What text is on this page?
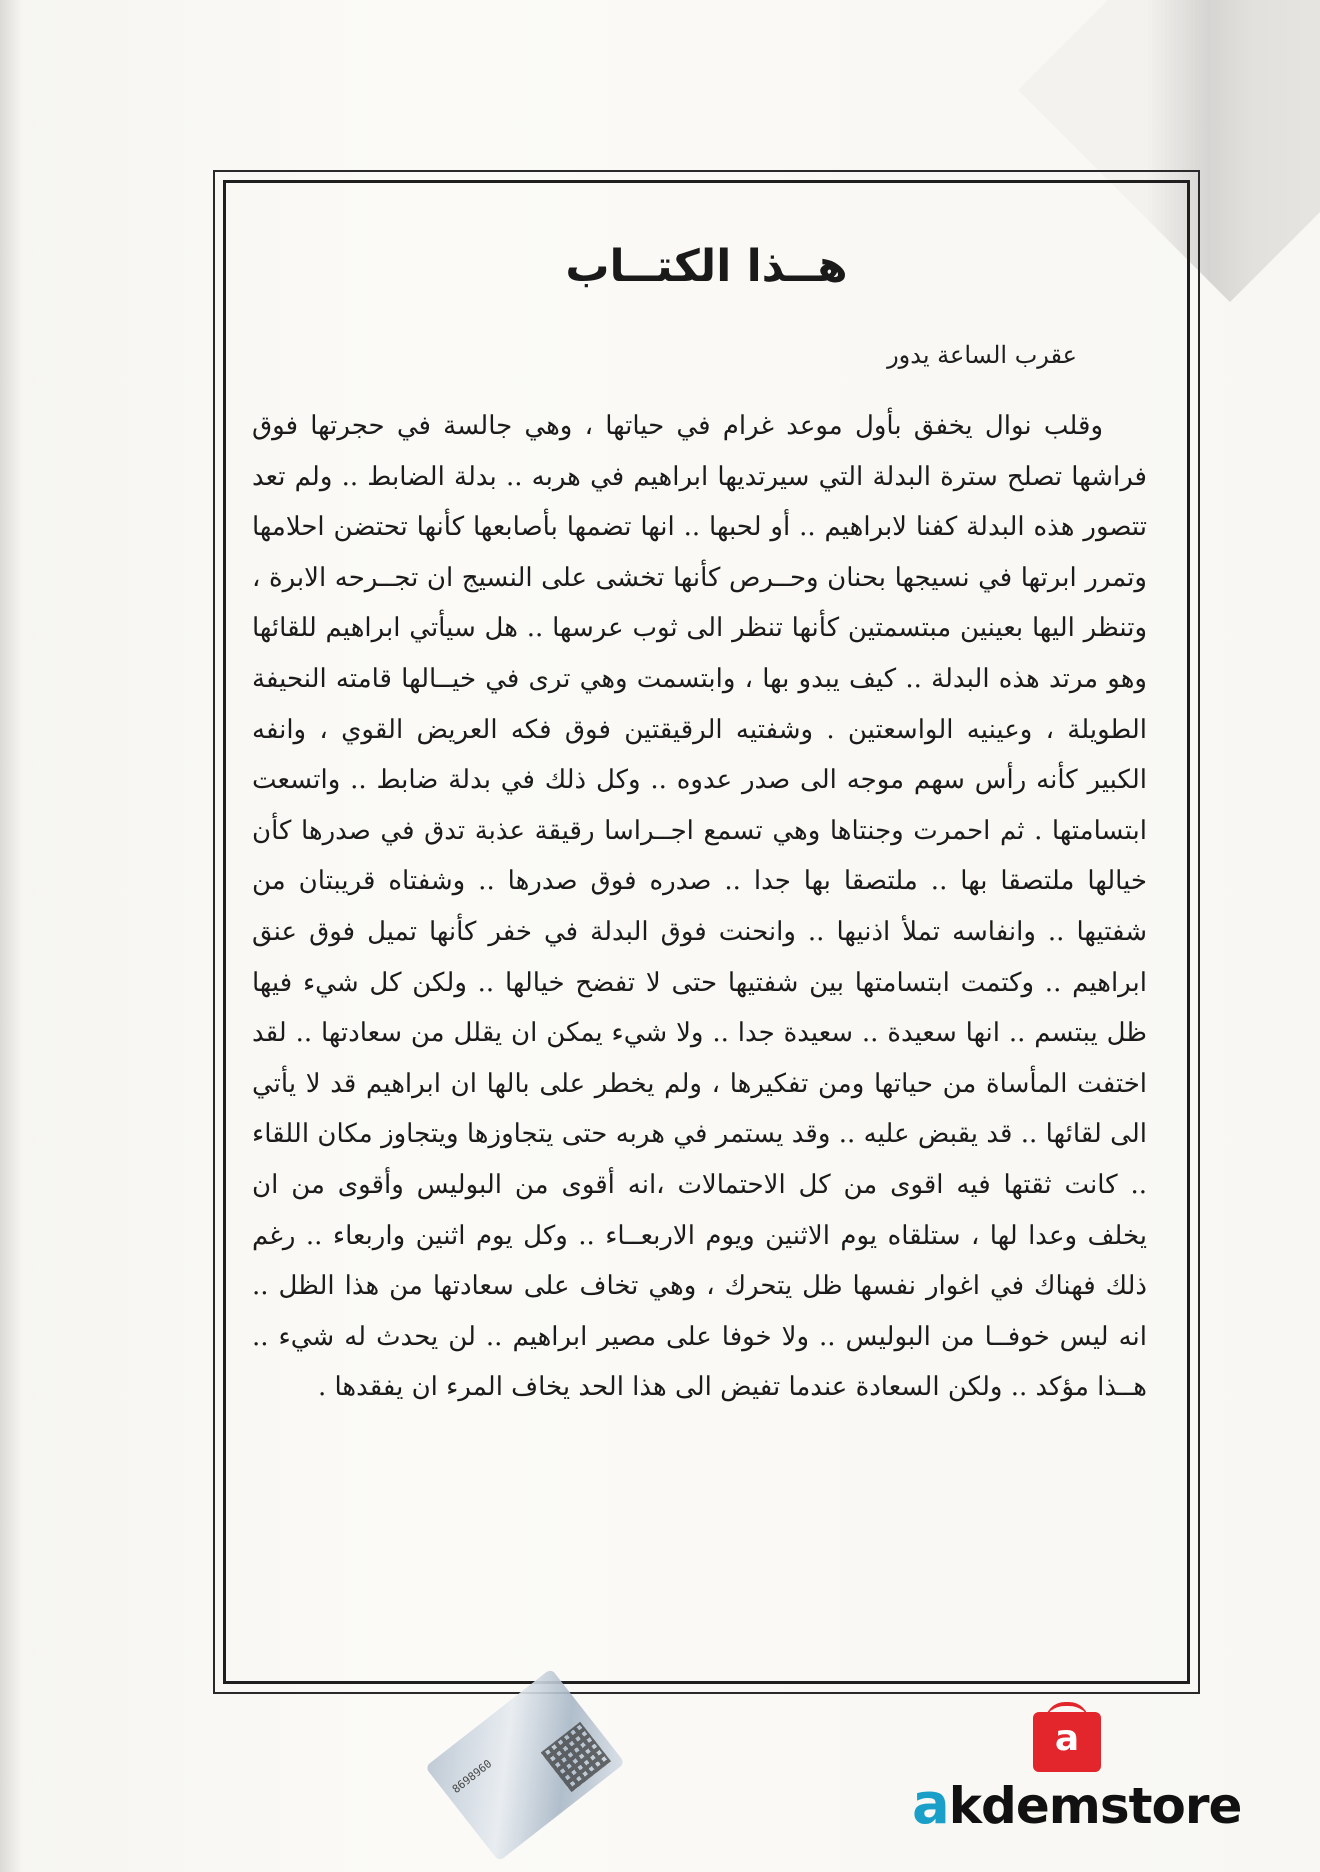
هــذا الكتــاب
عقرب الساعة يدور
وقلب نوال يخفق بأول موعد غرام في حياتها ، وهي جالسة في حجرتها فوق فراشها تصلح سترة البدلة التي سيرتديها ابراهيم في هربه .. بدلة الضابط .. ولم تعد تتصور هذه البدلة كفنا لابراهيم .. أو لحبها .. انها تضمها بأصابعها كأنها تحتضن احلامها وتمرر ابرتها في نسيجها بحنان وحــرص كأنها تخشى على النسيج ان تجــرحه الابرة ، وتنظر اليها بعينين مبتسمتين كأنها تنظر الى ثوب عرسها .. هل سيأتي ابراهيم للقائها وهو مرتد هذه البدلة .. كيف يبدو بها ، وابتسمت وهي ترى في خيــالها قامته النحيفة الطويلة ، وعينيه الواسعتين . وشفتيه الرقيقتين فوق فكه العريض القوي ، وانفه الكبير كأنه رأس سهم موجه الى صدر عدوه .. وكل ذلك في بدلة ضابط .. واتسعت ابتسامتها . ثم احمرت وجنتاها وهي تسمع اجــراسا رقيقة عذبة تدق في صدرها كأن خيالها ملتصقا بها .. ملتصقا بها جدا .. صدره فوق صدرها .. وشفتاه قريبتان من شفتيها .. وانفاسه تملأ اذنيها .. وانحنت فوق البدلة في خفر كأنها تميل فوق عنق ابراهيم .. وكتمت ابتسامتها بين شفتيها حتى لا تفضح خيالها .. ولكن كل شيء فيها ظل يبتسم .. انها سعيدة .. سعيدة جدا .. ولا شيء يمكن ان يقلل من سعادتها .. لقد اختفت المأساة من حياتها ومن تفكيرها ، ولم يخطر على بالها ان ابراهيم قد لا يأتي الى لقائها .. قد يقبض عليه .. وقد يستمر في هربه حتى يتجاوزها ويتجاوز مكان اللقاء .. كانت ثقتها فيه اقوى من كل الاحتمالات ،انه أقوى من البوليس وأقوى من ان يخلف وعدا لها ، ستلقاه يوم الاثنين ويوم الاربعــاء .. وكل يوم اثنين واربعاء .. رغم ذلك فهناك في اغوار نفسها ظل يتحرك ، وهي تخاف على سعادتها من هذا الظل .. انه ليس خوفــا من البوليس .. ولا خوفا على مصير ابراهيم .. لن يحدث له شيء .. هــذا مؤكد .. ولكن السعادة عندما تفيض الى هذا الحد يخاف المرء ان يفقدها .
8698960
a
akdemstore
